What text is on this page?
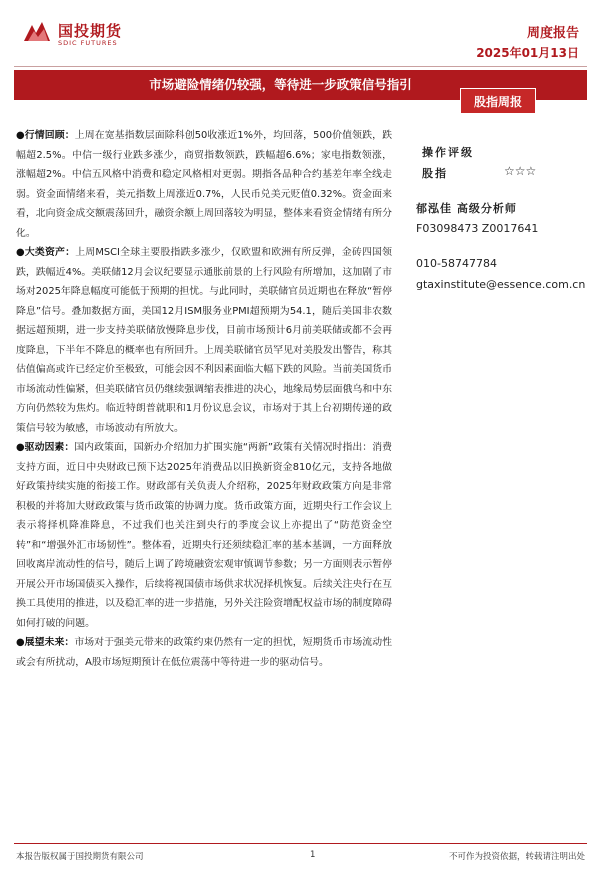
国投期货
SDIC FUTURES
周度报告
2025年01月13日
市场避险情绪仍较强，等待进一步政策信号指引
股指周报

●行情回顾：上周在宽基指数层面除科创50收涨近1%外，均回落，500价值领跌，跌幅超2.5%。中信一级行业跌多涨少，商贸指数领跌，跌幅超6.6%；家电指数领涨，涨幅超2%。中信五风格中消费和稳定风格相对更弱。期指各品种合约基差年率全线走弱。资金面情绪来看，美元指数上周涨近0.7%，人民币兑美元贬值0.32%。资金面来看，北向资金成交额震荡回升，融资余额上周回落较为明显，整体来看资金情绪有所分化。

●大类资产：上周MSCI全球主要股指跌多涨少，仅欧盟和欧洲有所反弹，金砖四国领跌，跌幅近4%。美联储12月会议纪要显示通胀前景的上行风险有所增加，这加剧了市场对2025年降息幅度可能低于预期的担忧。与此同时，美联储官员近期也在释放“暂停降息”信号。叠加数据方面，美国12月ISM服务业PMI超预期为54.1，随后美国非农数据远超预期，进一步支持美联储放慢降息步伐，目前市场预计6月前美联储或都不会再度降息，下半年不降息的概率也有所回升。上周美联储官员罕见对美股发出警告，称其估值偏高或许已经定价至极致，可能会因不利因素面临大幅下跌的风险。当前美国货币市场流动性偏紧，但美联储官员仍继续强调缩表推进的决心，地缘局势层面俄乌和中东方向仍然较为焦灼。临近特朗普就职和1月份议息会议，市场对于其上台初期传递的政策信号较为敏感，市场波动有所放大。

●驱动因素：国内政策面，国新办介绍加力扩围实施“两新”政策有关情况时指出：消费支持方面，近日中央财政已预下达2025年消费品以旧换新资金810亿元，支持各地做好政策持续实施的衔接工作。财政部有关负责人介绍称，2025年财政政策方向是非常积极的并将加大财政政策与货币政策的协调力度。货币政策方面，近期央行工作会议上表示将择机降准降息，不过我们也关注到央行的季度会议上亦提出了“防范资金空转”和“增强外汇市场韧性”。整体看，近期央行还须续稳汇率的基本基调，一方面释放回收离岸流动性的信号，随后上调了跨境融资宏观审慎调节参数；另一方面则表示暂停开展公开市场国债买入操作，后续将视国债市场供求状况择机恢复。后续关注央行在互换工具使用的推进，以及稳汇率的进一步措施，另外关注险资增配权益市场的制度障碍如何打破的问题。

●展望未来：市场对于强美元带来的政策约束仍然有一定的担忧，短期货币市场流动性或会有所扰动，A股市场短期预计在低位震荡中等待进一步的驱动信号。

操作评级
股指	☆☆☆
郁泓佳 高级分析师
F03098473 Z0017641
010-58747784
gtaxinstitute@essence.com.cn
本报告版权属于国投期货有限公司	1	不可作为投资依据，转载请注明出处
